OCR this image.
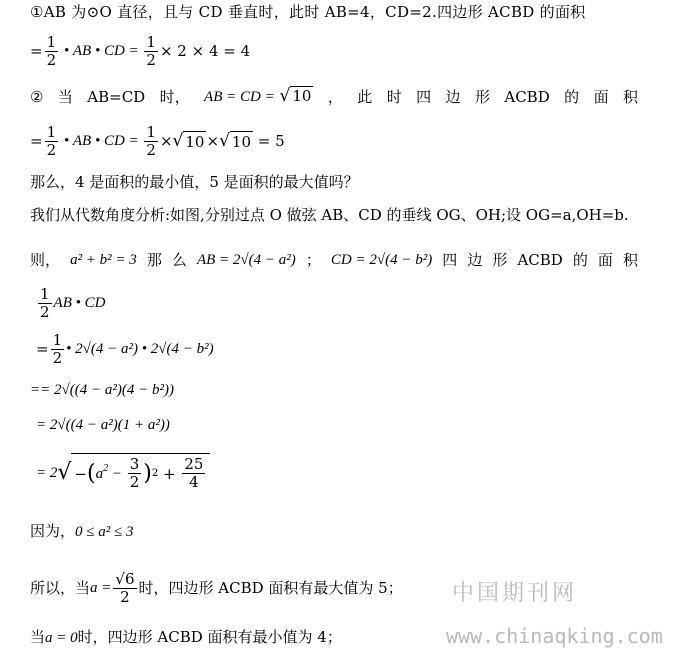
①AB 为⊙O 直径，且与 CD 垂直时，此时 AB=4，CD=2.四边形 ACBD 的面积
= $\frac{1}{2}$ • AB • CD = $\frac{1}{2} \times 2 \times 4 = 4$
② 当 AB=CD 时， AB = CD = √ 10 ， 此 时 四 边 形 ACBD 的 面 积
= $\frac{1}{2}$ • AB • CD = $\frac{1}{2}$ × √ 10 × √ 10
= 5
那么，4 是面积的最小值，5 是面积的最大值吗？
我们从代数角度分析:如图,分别过点 O 做弦 AB、CD 的垂线 OG、OH;设 OG=a,OH=b.
则， a² + b² = 3 那 么 AB = 2√(4 − a²) ； CD = 2√(4 − b²) 四 边 形 ACBD 的 面 积
$\frac{1}{2}$ AB • CD
= $\frac{1}{2}$ • 2√(4 − a²) • 2√(4 − b²)
== 2√((4 − a²)(4 − b²))
= 2√((4 − a²)(1 + a²))
= 2 √ − ( $a^2 - \frac{3}{2}$ ) $2 + \frac{25}{4}$
因为，0 ≤ a² ≤ 3
所以，当 $a = \frac{√6}{2}$ 时，四边形 ACBD 面积有最大值为 5；
当a = 0时，四边形 ACBD 面积有最小值为 4；
中国期刊网
www.chinaqking.com
